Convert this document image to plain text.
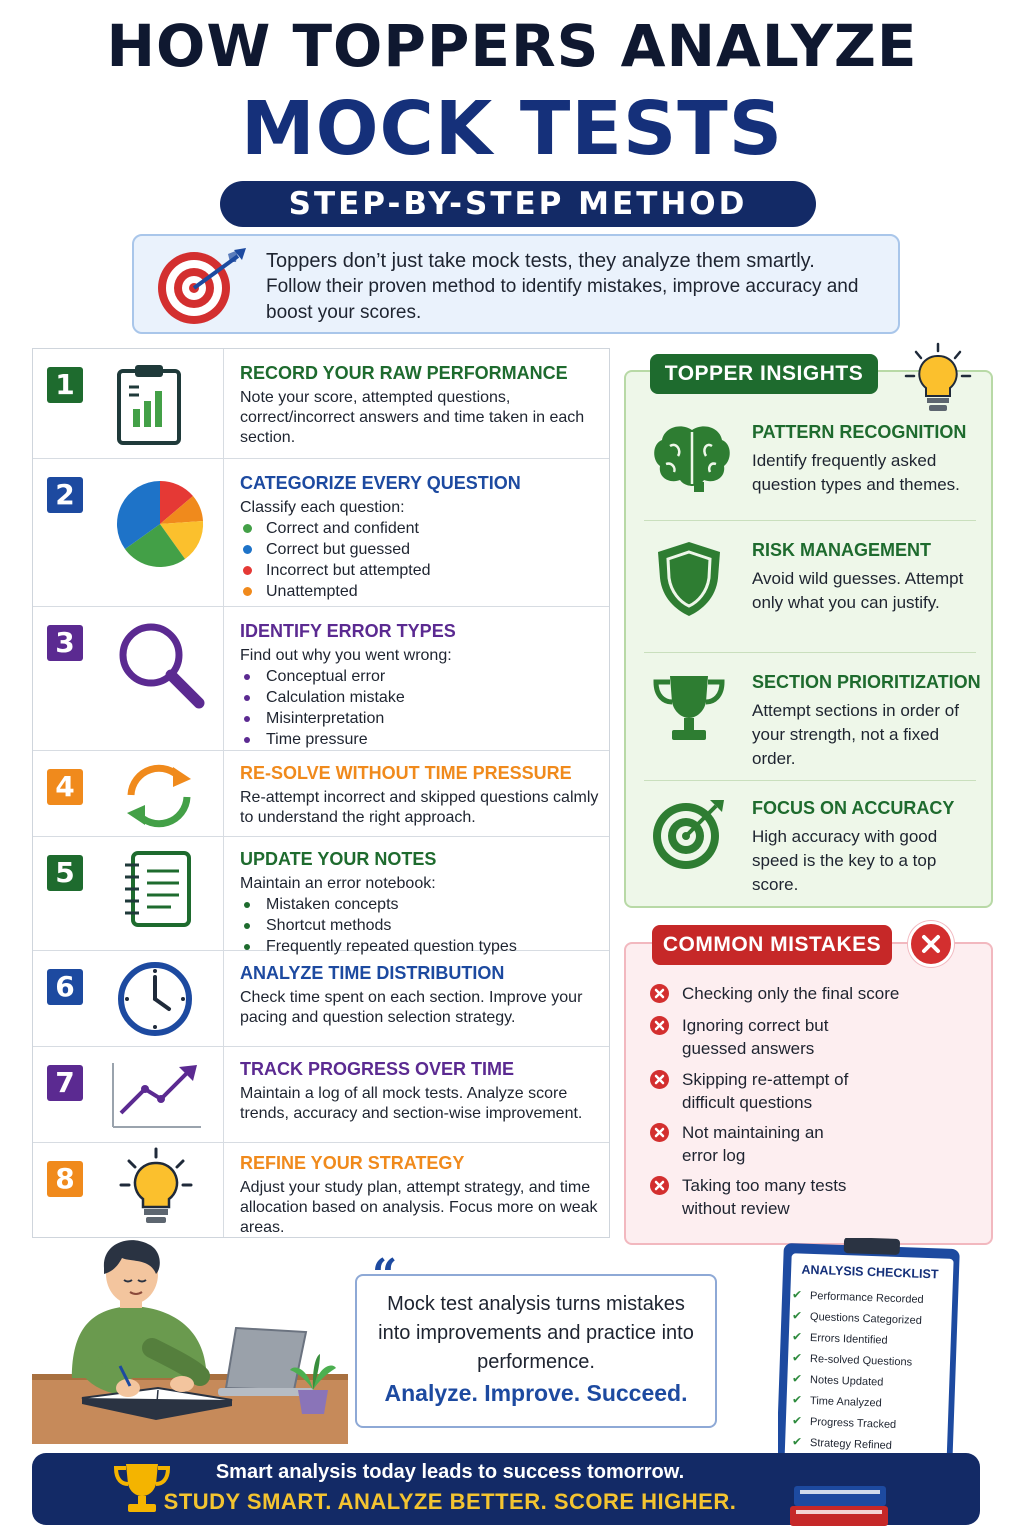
HOW TOPPERS ANALYZE
MOCK TESTS
STEP-BY-STEP METHOD
Toppers don’t just take mock tests, they analyze them smartly.
Follow their proven method to identify mistakes, improve accuracy and boost your scores.
1	RECORD YOUR RAW PERFORMANCE
Note your score, attempted questions, correct/incorrect answers and time taken in each section.
2	CATEGORIZE EVERY QUESTION
Classify each question:
Correct and confident
Correct but guessed
Incorrect but attempted
Unattempted
3	IDENTIFY ERROR TYPES
Find out why you went wrong:
Conceptual error
Calculation mistake
Misinterpretation
Time pressure
4	RE-SOLVE WITHOUT TIME PRESSURE
Re-attempt incorrect and skipped questions calmly to understand the right approach.
5	UPDATE YOUR NOTES
Maintain an error notebook:
Mistaken concepts
Shortcut methods
Frequently repeated question types
6	ANALYZE TIME DISTRIBUTION
Check time spent on each section. Improve your pacing and question selection strategy.
7	TRACK PROGRESS OVER TIME
Maintain a log of all mock tests. Analyze score trends, accuracy and section-wise improvement.
8	REFINE YOUR STRATEGY
Adjust your study plan, attempt strategy, and time allocation based on analysis. Focus more on weak areas.
PATTERN RECOGNITION
Identify frequently asked question types and themes.
RISK MANAGEMENT
Avoid wild guesses. Attempt only what you can justify.
SECTION PRIORITIZATION
Attempt sections in order of your strength, not a fixed order.
FOCUS ON ACCURACY
High accuracy with good speed is the key to a top score.
TOPPER INSIGHTS
Checking only the final score
Ignoring correct but guessed answers
Skipping re-attempt of difficult questions
Not maintaining an error log
Taking too many tests without review
COMMON MISTAKES
“
Mock test analysis turns mistakes into improvements and practice into performence.
Analyze. Improve. Succeed.
ANALYSIS CHECKLIST
✔ Performance Recorded
✔ Questions Categorized
✔ Errors Identified
✔ Re-solved Questions
✔ Notes Updated
✔ Time Analyzed
✔ Progress Tracked
✔ Strategy Refined
Smart analysis today leads to success tomorrow.
STUDY SMART. ANALYZE BETTER. SCORE HIGHER.
